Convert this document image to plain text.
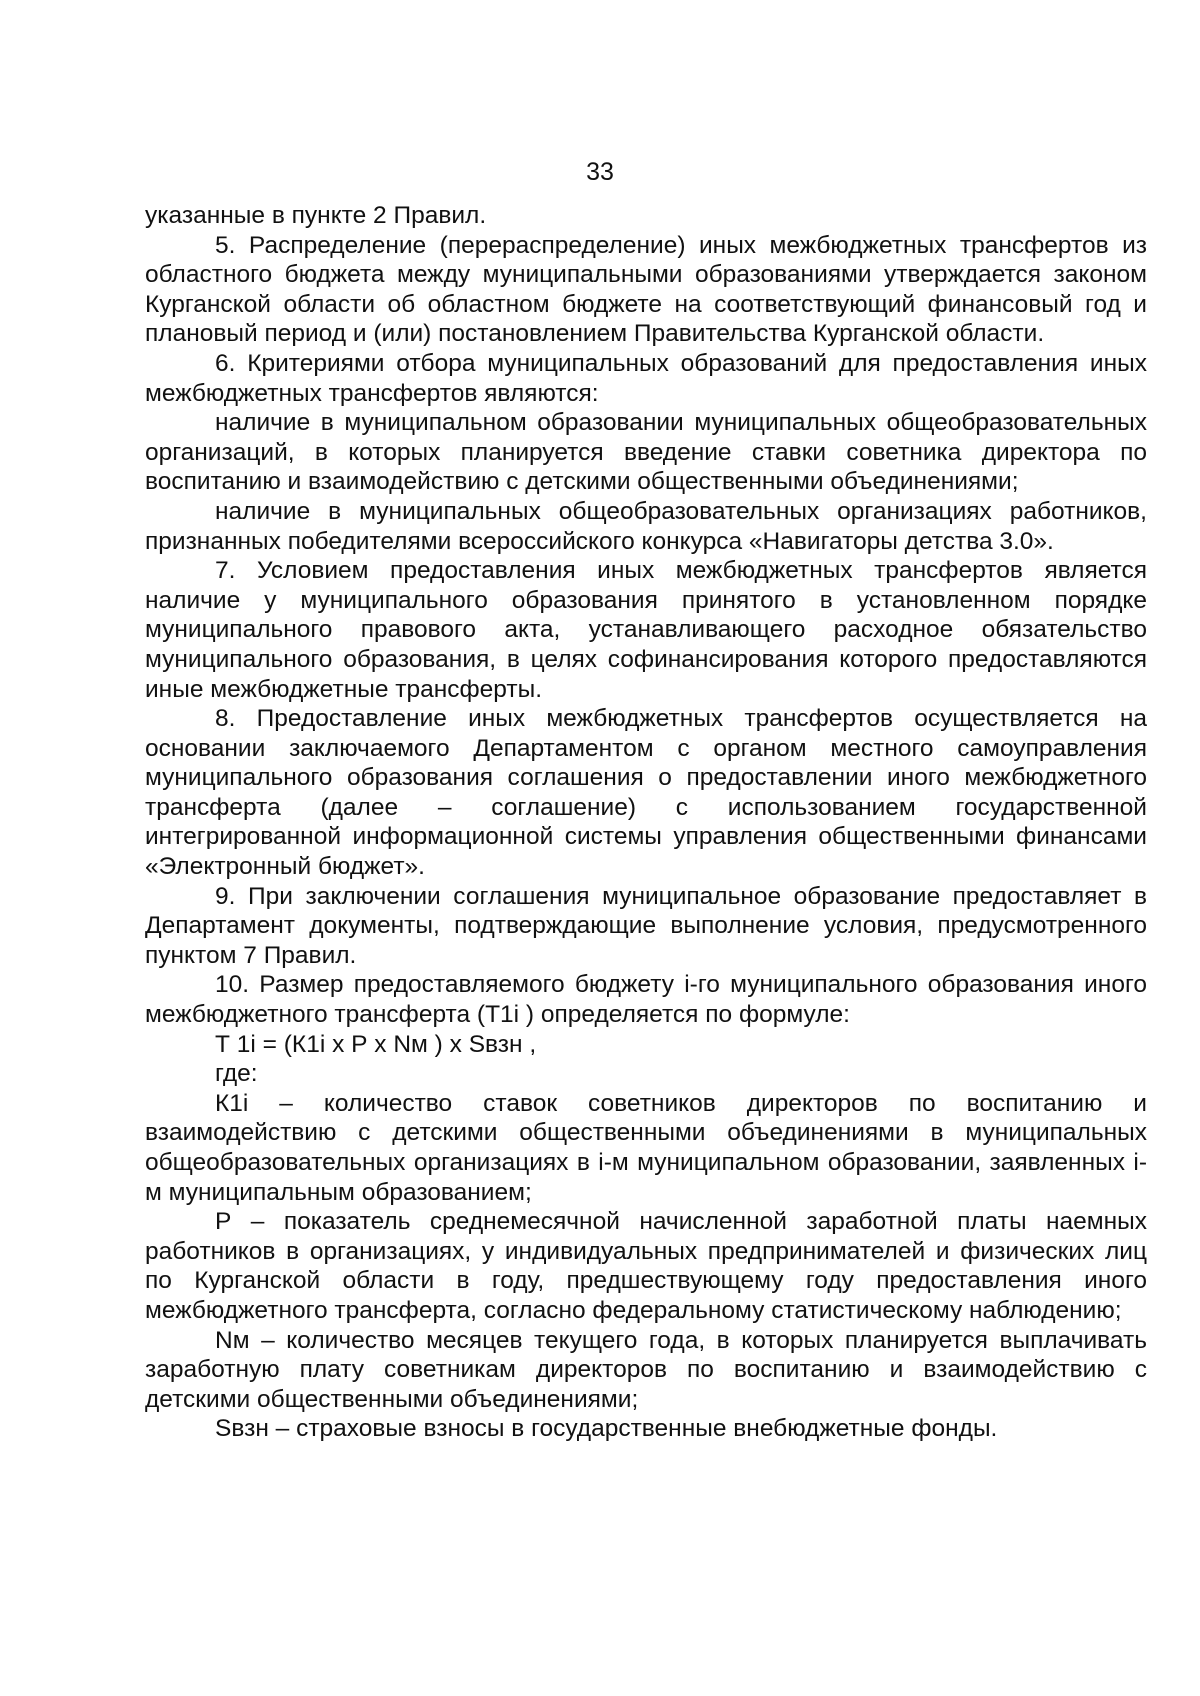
33

указанные в пункте 2 Правил.

5. Распределение (перераспределение) иных межбюджетных трансфертов из областного бюджета между муниципальными образованиями утверждается законом Курганской области об областном бюджете на соответствующий финансовый год и плановый период и (или) постановлением Правительства Курганской области.

6. Критериями отбора муниципальных образований для предоставления иных межбюджетных трансфертов являются:

наличие в муниципальном образовании муниципальных общеобразовательных организаций, в которых планируется введение ставки советника директора по воспитанию и взаимодействию с детскими общественными объединениями;

наличие в муниципальных общеобразовательных организациях работников, признанных победителями всероссийского конкурса «Навигаторы детства 3.0».

7. Условием предоставления иных межбюджетных трансфертов является наличие у муниципального образования принятого в установленном порядке муниципального правового акта, устанавливающего расходное обязательство муниципального образования, в целях софинансирования которого предоставляются иные межбюджетные трансферты.

8. Предоставление иных межбюджетных трансфертов осуществляется на основании заключаемого Департаментом с органом местного самоуправления муниципального образования соглашения о предоставлении иного межбюджетного трансферта (далее – соглашение) с использованием государственной интегрированной информационной системы управления общественными финансами «Электронный бюджет».

9. При заключении соглашения муниципальное образование предоставляет в Департамент документы, подтверждающие выполнение условия, предусмотренного пунктом 7 Правил.

10. Размер предоставляемого бюджету i-го муниципального образования иного межбюджетного трансферта (Т1i ) определяется по формуле:

Т 1i = (К1i х Р х Nм ) х Sвзн ,

где:

К1i – количество ставок советников директоров по воспитанию и взаимодействию с детскими общественными объединениями в муниципальных общеобразовательных организациях в i-м муниципальном образовании, заявленных i-м муниципальным образованием;

Р – показатель среднемесячной начисленной заработной платы наемных работников в организациях, у индивидуальных предпринимателей и физических лиц по Курганской области в году, предшествующему году предоставления иного межбюджетного трансферта, согласно федеральному статистическому наблюдению;

Nм – количество месяцев текущего года, в которых планируется выплачивать заработную плату советникам директоров по воспитанию и взаимодействию с детскими общественными объединениями;

Sвзн – страховые взносы в государственные внебюджетные фонды.
